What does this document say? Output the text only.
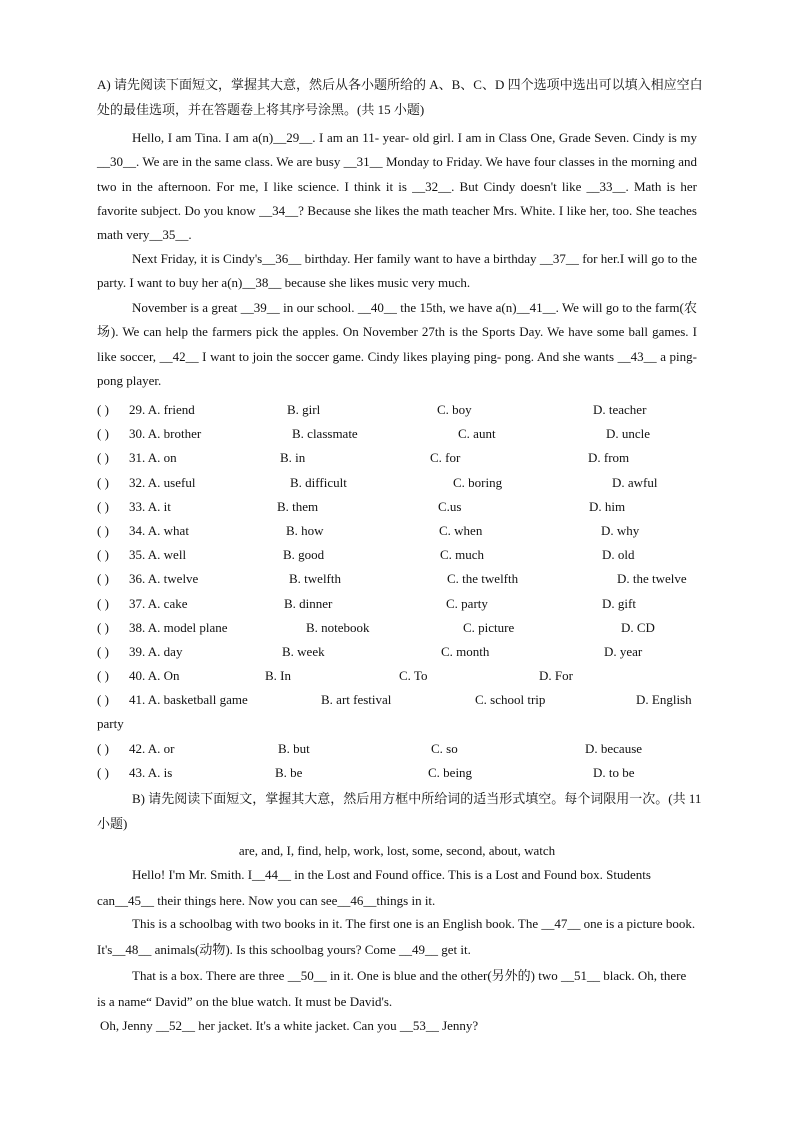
A) 请先阅读下面短文，掌握其大意，然后从各小题所给的 A、B、C、D 四个选项中选出可以填入相应空白处的最佳选项，并在答题卷上将其序号涂黑。(共 15 小题)
Hello, I am Tina. I am a(n)__29__. I am an 11- year- old girl. I am in Class One, Grade Seven. Cindy is my __30__. We are in the same class. We are busy __31__ Monday to Friday. We have four classes in the morning and two in the afternoon. For me, I like science. I think it is __32__. But Cindy doesn't like __33__. Math is her favorite subject. Do you know __34__? Because she likes the math teacher Mrs. White. I like her, too. She teaches math very__35__.
Next Friday, it is Cindy's__36__ birthday. Her family want to have a birthday __37__ for her.I will go to the party. I want to buy her a(n)__38__ because she likes music very much.
November is a great __39__ in our school. __40__ the 15th, we have a(n)__41__. We will go to the farm(农场). We can help the farmers pick the apples. On November 27th is the Sports Day. We have some ball games. I like soccer, __42__ I want to join the soccer game. Cindy likes playing ping- pong. And she wants __43__ a ping- pong player.
( ) 29. A. friend	B. girl	C. boy	D. teacher
( ) 30. A. brother	B. classmate	C. aunt	D. uncle
( ) 31. A. on	B. in	C. for	D. from
( ) 32. A. useful	B. difficult	C. boring	D. awful
( ) 33. A. it	B. them	C.us	D. him
( ) 34. A. what	B. how	C. when	D. why
( ) 35. A. well	B. good	C. much	D. old
( ) 36. A. twelve	B. twelfth	C. the twelfth	D. the twelve
( ) 37. A. cake	B. dinner	C. party	D. gift
( ) 38. A. model plane	B. notebook	C. picture	D. CD
( ) 39. A. day	B. week	C. month	D. year
( ) 40. A. On	B. In	C. To	D. For
( ) 41. A. basketball game	B. art festival	C. school trip	D. English
party
( ) 42. A. or	B. but	C. so	D. because
( ) 43. A. is	B. be	C. being	D. to be
B) 请先阅读下面短文，掌握其大意，然后用方框中所给词的适当形式填空。每个词限用一次。(共 11 小题)
are, and, I, find, help, work, lost, some, second, about, watch
Hello! I'm Mr. Smith. I__44__ in the Lost and Found office. This is a Lost and Found box. Students can__45__ their things here. Now you can see__46__things in it.
This is a schoolbag with two books in it. The first one is an English book. The __47__ one is a picture book. It's__48__ animals(动物). Is this schoolbag yours? Come __49__ get it.
That is a box. There are three __50__ in it. One is blue and the other(另外的) two __51__ black. Oh, there is a name“ David” on the blue watch. It must be David's.
Oh, Jenny __52__ her jacket. It's a white jacket. Can you __53__ Jenny?
